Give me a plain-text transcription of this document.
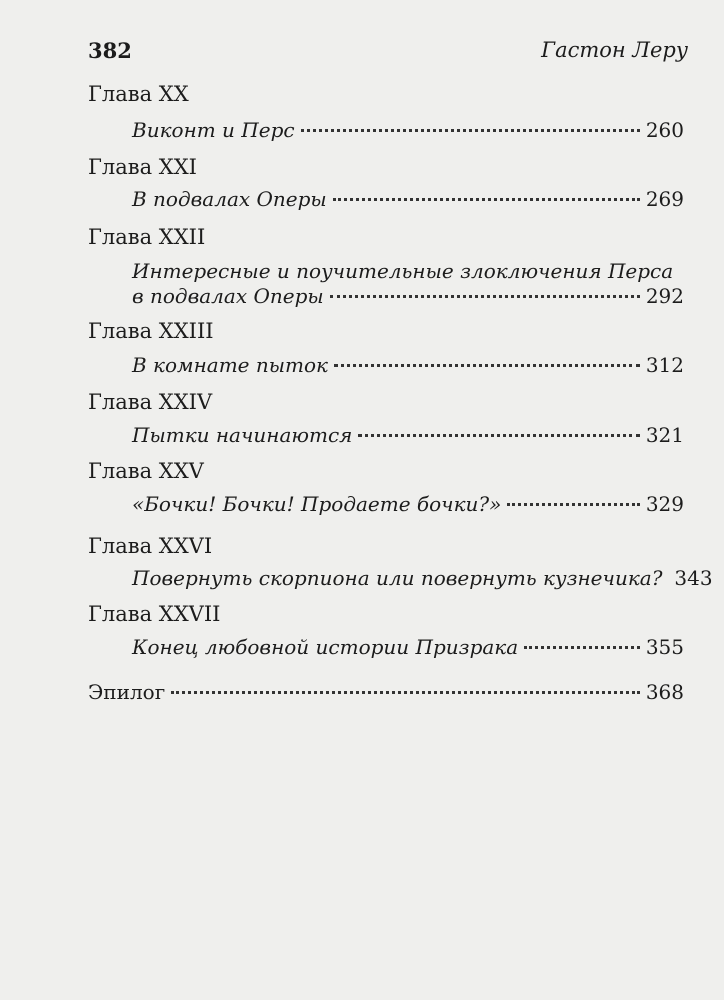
382	Гастон Леру
Глава XX
Виконт и Перс	260
Глава XXI
В подвалах Оперы	269
Глава XXII
Интересные и поучительные злоключения Перса
в подвалах Оперы	292
Глава XXIII
В комнате пыток	312
Глава XXIV
Пытки начинаются	321
Глава XXV
«Бочки! Бочки! Продаете бочки?»	329
Глава XXVI
Повернуть скорпиона или повернуть кузнечика? 343
Глава XXVII
Конец любовной истории Призрака	355
Эпилог	368
